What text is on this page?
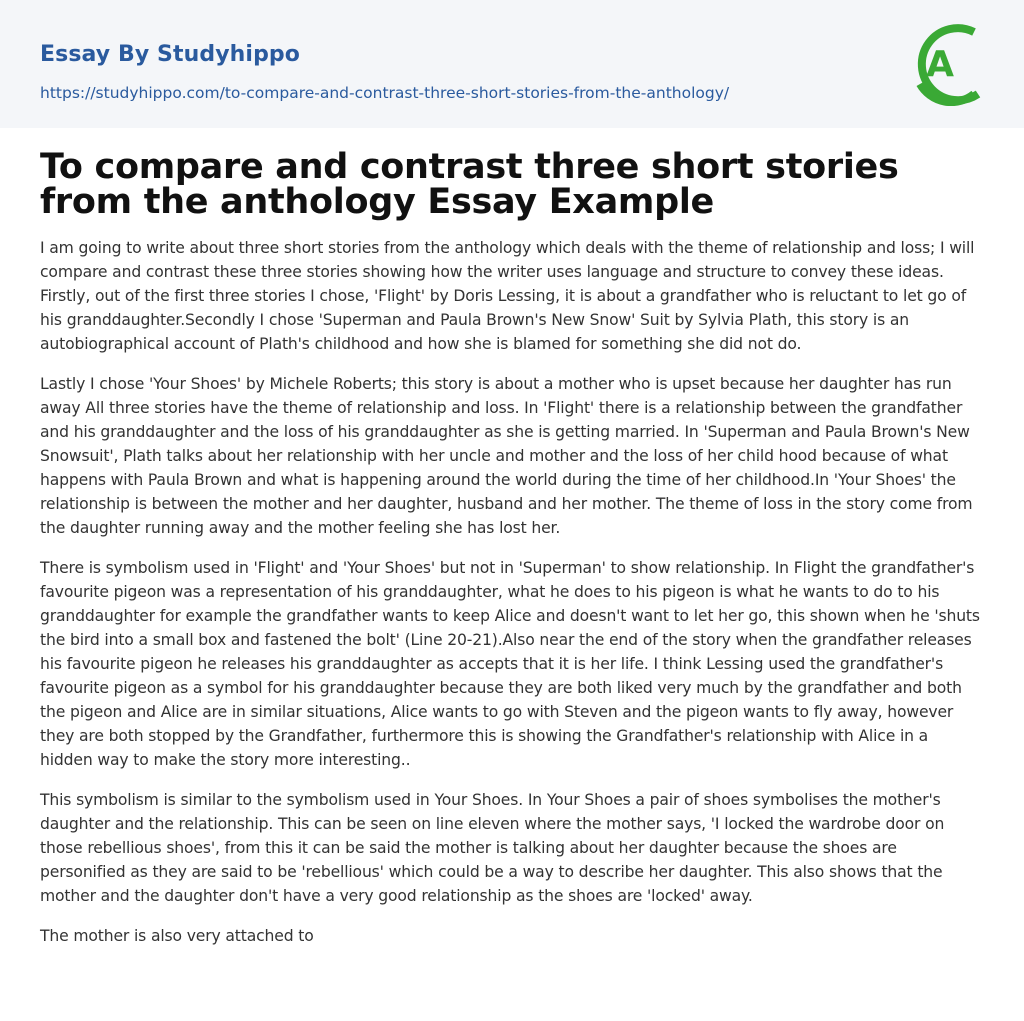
Essay By Studyhippo
https://studyhippo.com/to-compare-and-contrast-three-short-stories-from-the-anthology/
A
To compare and contrast three short stories from the anthology Essay Example

I am going to write about three short stories from the anthology which deals with the theme of relationship and loss; I will compare and contrast these three stories showing how the writer uses language and structure to convey these ideas. Firstly, out of the first three stories I chose, 'Flight' by Doris Lessing, it is about a grandfather who is reluctant to let go of his granddaughter.Secondly I chose 'Superman and Paula Brown's New Snow' Suit by Sylvia Plath, this story is an autobiographical account of Plath's childhood and how she is blamed for something she did not do.

Lastly I chose 'Your Shoes' by Michele Roberts; this story is about a mother who is upset because her daughter has run away All three stories have the theme of relationship and loss. In 'Flight' there is a relationship between the grandfather and his granddaughter and the loss of his granddaughter as she is getting married. In 'Superman and Paula Brown's New Snowsuit', Plath talks about her relationship with her uncle and mother and the loss of her child hood because of what happens with Paula Brown and what is happening around the world during the time of her childhood.In 'Your Shoes' the relationship is between the mother and her daughter, husband and her mother. The theme of loss in the story come from the daughter running away and the mother feeling she has lost her.

There is symbolism used in 'Flight' and 'Your Shoes' but not in 'Superman' to show relationship. In Flight the grandfather's favourite pigeon was a representation of his granddaughter, what he does to his pigeon is what he wants to do to his granddaughter for example the grandfather wants to keep Alice and doesn't want to let her go, this shown when he 'shuts the bird into a small box and fastened the bolt' (Line 20-21).Also near the end of the story when the grandfather releases his favourite pigeon he releases his granddaughter as accepts that it is her life. I think Lessing used the grandfather's favourite pigeon as a symbol for his granddaughter because they are both liked very much by the grandfather and both the pigeon and Alice are in similar situations, Alice wants to go with Steven and the pigeon wants to fly away, however they are both stopped by the Grandfather, furthermore this is showing the Grandfather's relationship with Alice in a hidden way to make the story more interesting..

This symbolism is similar to the symbolism used in Your Shoes. In Your Shoes a pair of shoes symbolises the mother's daughter and the relationship. This can be seen on line eleven where the mother says, 'I locked the wardrobe door on those rebellious shoes', from this it can be said the mother is talking about her daughter because the shoes are personified as they are said to be 'rebellious' which could be a way to describe her daughter. This also shows that the mother and the daughter don't have a very good relationship as the shoes are 'locked' away.

The mother is also very attached to
